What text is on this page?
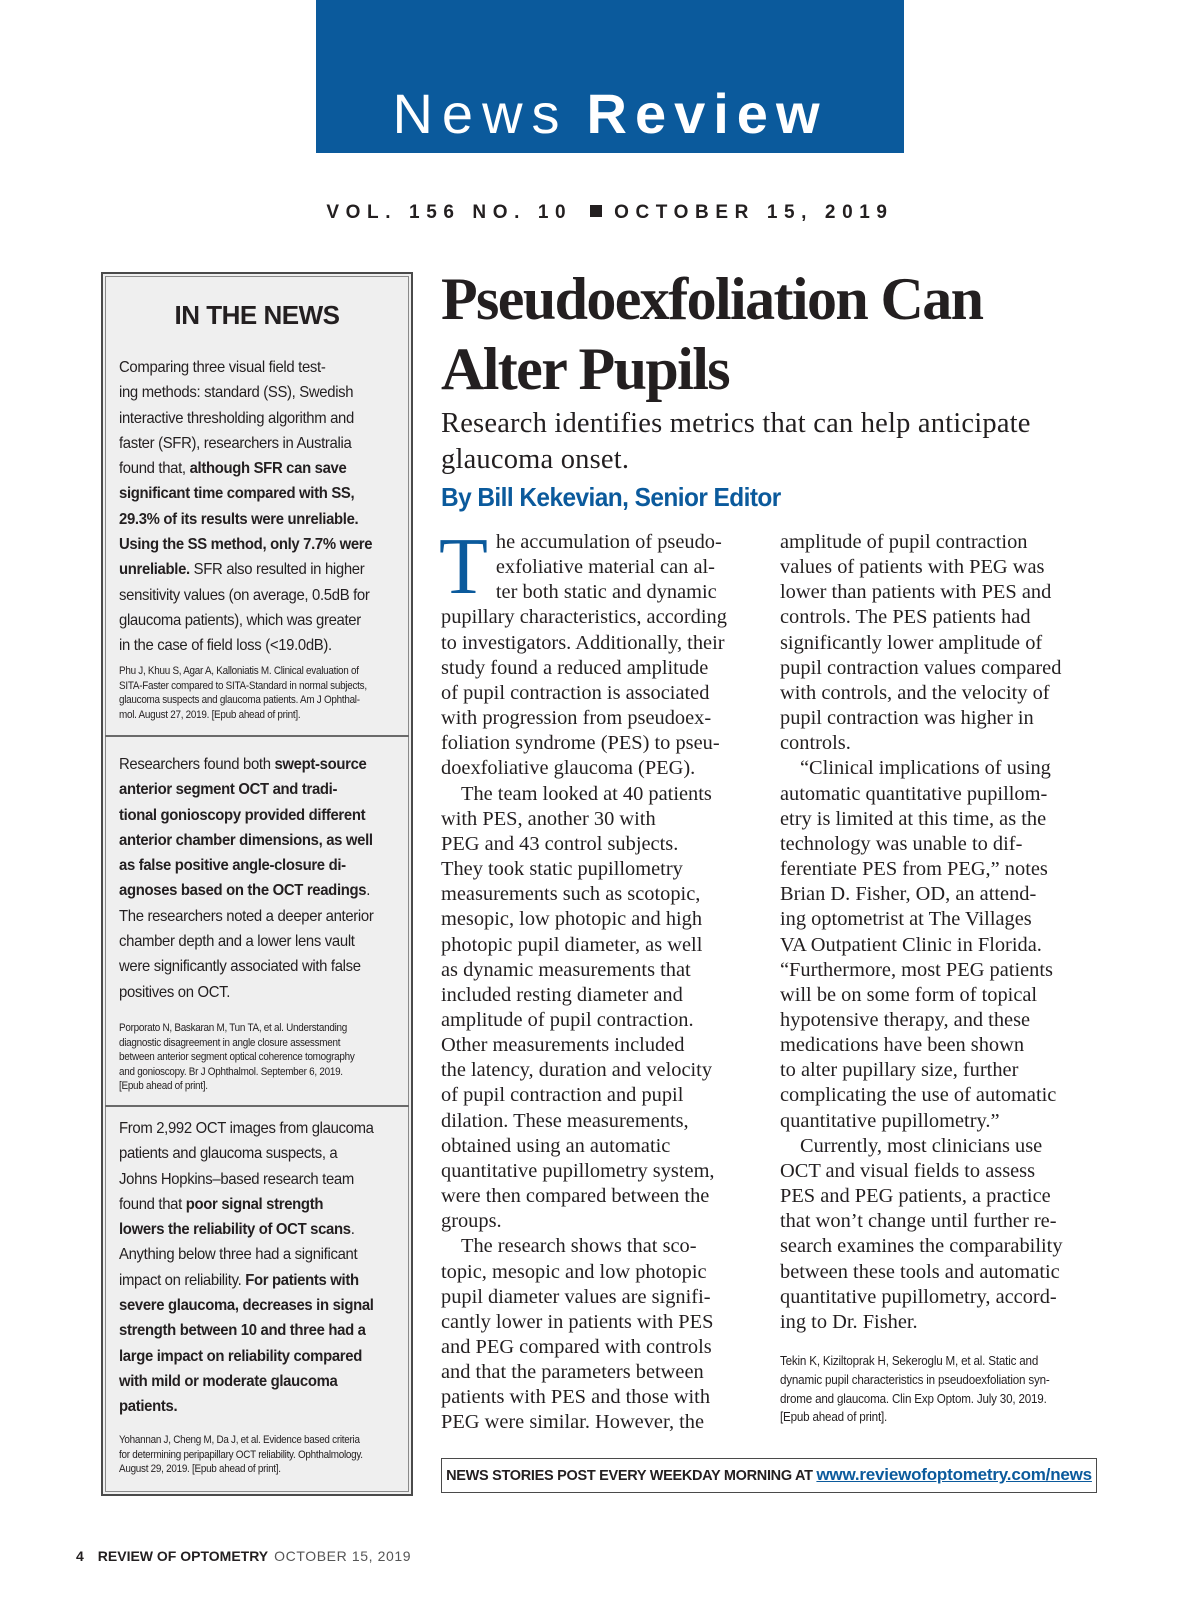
News Review
VOL. 156 NO. 10 OCTOBER 15, 2019
IN THE NEWS
Comparing three visual field test-
ing methods: standard (SS), Swedish
interactive thresholding algorithm and
faster (SFR), researchers in Australia
found that, although SFR can save
significant time compared with SS,
29.3% of its results were unreliable.
Using the SS method, only 7.7% were
unreliable. SFR also resulted in higher
sensitivity values (on average, 0.5dB for
glaucoma patients), which was greater
in the case of field loss (<19.0dB).
Phu J, Khuu S, Agar A, Kalloniatis M. Clinical evaluation of
SITA-Faster compared to SITA-Standard in normal subjects,
glaucoma suspects and glaucoma patients. Am J Ophthal-
mol. August 27, 2019. [Epub ahead of print].
Researchers found both swept-source
anterior segment OCT and tradi-
tional gonioscopy provided different
anterior chamber dimensions, as well
as false positive angle-closure di-
agnoses based on the OCT readings.
The researchers noted a deeper anterior
chamber depth and a lower lens vault
were significantly associated with false
positives on OCT.
Porporato N, Baskaran M, Tun TA, et al. Understanding
diagnostic disagreement in angle closure assessment
between anterior segment optical coherence tomography
and gonioscopy. Br J Ophthalmol. September 6, 2019.
[Epub ahead of print].
From 2,992 OCT images from glaucoma
patients and glaucoma suspects, a
Johns Hopkins–based research team
found that poor signal strength
lowers the reliability of OCT scans.
Anything below three had a significant
impact on reliability. For patients with
severe glaucoma, decreases in signal
strength between 10 and three had a
large impact on reliability compared
with mild or moderate glaucoma
patients.
Yohannan J, Cheng M, Da J, et al. Evidence based criteria
for determining peripapillary OCT reliability. Ophthalmology.
August 29, 2019. [Epub ahead of print].
Pseudoexfoliation Can
Alter Pupils
Research identifies metrics that can help anticipate
glaucoma onset.
By Bill Kekevian, Senior Editor
T he accumulation of pseudo-

exfoliative material can al-

ter both static and dynamic

pupillary characteristics, according

to investigators. Additionally, their

study found a reduced amplitude

of pupil contraction is associated

with progression from pseudoex-

foliation syndrome (PES) to pseu-

doexfoliative glaucoma (PEG).

The team looked at 40 patients

with PES, another 30 with

PEG and 43 control subjects.

They took static pupillometry

measurements such as scotopic,

mesopic, low photopic and high

photopic pupil diameter, as well

as dynamic measurements that

included resting diameter and

amplitude of pupil contraction.

Other measurements included

the latency, duration and velocity

of pupil contraction and pupil

dilation. These measurements,

obtained using an automatic

quantitative pupillometry system,

were then compared between the

groups.

The research shows that sco-

topic, mesopic and low photopic

pupil diameter values are signifi-

cantly lower in patients with PES

and PEG compared with controls

and that the parameters between

patients with PES and those with

PEG were similar. However, the

amplitude of pupil contraction

values of patients with PEG was

lower than patients with PES and

controls. The PES patients had

significantly lower amplitude of

pupil contraction values compared

with controls, and the velocity of

pupil contraction was higher in

controls.

“Clinical implications of using

automatic quantitative pupillom-

etry is limited at this time, as the

technology was unable to dif-

ferentiate PES from PEG,” notes

Brian D. Fisher, OD, an attend-

ing optometrist at The Villages

VA Outpatient Clinic in Florida.

“Furthermore, most PEG patients

will be on some form of topical

hypotensive therapy, and these

medications have been shown

to alter pupillary size, further

complicating the use of automatic

quantitative pupillometry.”

Currently, most clinicians use

OCT and visual fields to assess

PES and PEG patients, a practice

that won’t change until further re-

search examines the comparability

between these tools and automatic

quantitative pupillometry, accord-

ing to Dr. Fisher.

Tekin K, Kiziltoprak H, Sekeroglu M, et al. Static and
dynamic pupil characteristics in pseudoexfoliation syn-
drome and glaucoma. Clin Exp Optom. July 30, 2019.
[Epub ahead of print].
NEWS STORIES POST EVERY WEEKDAY MORNING AT www.reviewofoptometry.com/news
4 REVIEW OF OPTOMETRY OCTOBER 15, 2019
